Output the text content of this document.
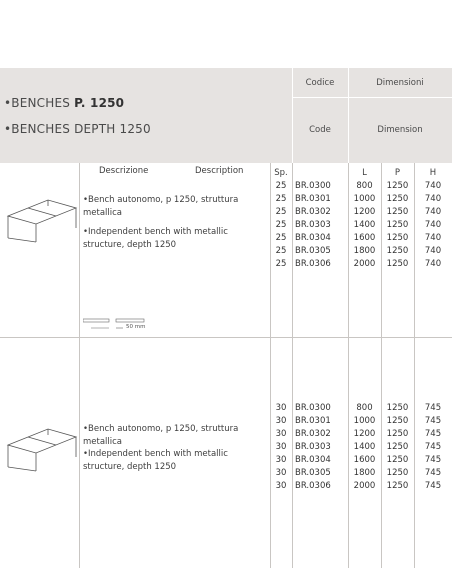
•BENCHES P. 1250
•BENCHES DEPTH 1250
Codice	Dimensioni
Code	Dimension
Descrizione	Description	Sp.	L	P	H
•Bench autonomo, p 1250, struttura metallica
•Independent bench with metallic structure, depth 1250
50 mm
25	BR.0300	800	1250	740
25	BR.0301	1000	1250	740
25	BR.0302	1200	1250	740
25	BR.0303	1400	1250	740
25	BR.0304	1600	1250	740
25	BR.0305	1800	1250	740
25	BR.0306	2000	1250	740
•Bench autonomo, p 1250, struttura metallica
•Independent bench with metallic structure, depth 1250
30	BR.0300	800	1250	745
30	BR.0301	1000	1250	745
30	BR.0302	1200	1250	745
30	BR.0303	1400	1250	745
30	BR.0304	1600	1250	745
30	BR.0305	1800	1250	745
30	BR.0306	2000	1250	745
